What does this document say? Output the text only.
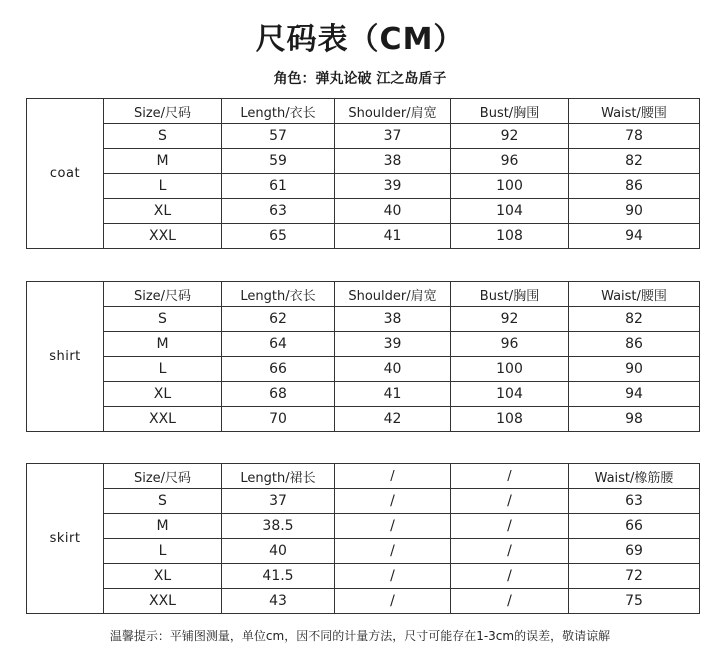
尺码表（CM）
角色：弹丸论破 江之岛盾子
coat	Size/尺码	Length/衣长	Shoulder/肩宽	Bust/胸围	Waist/腰围
	S	57	37	92	78
	M	59	38	96	82
	L	61	39	100	86
	XL	63	40	104	90
	XXL	65	41	108	94
shirt	Size/尺码	Length/衣长	Shoulder/肩宽	Bust/胸围	Waist/腰围
	S	62	38	92	82
	M	64	39	96	86
	L	66	40	100	90
	XL	68	41	104	94
	XXL	70	42	108	98
skirt	Size/尺码	Length/裙长	/	/	Waist/橡筋腰
	S	37	/	/	63
	M	38.5	/	/	66
	L	40	/	/	69
	XL	41.5	/	/	72
	XXL	43	/	/	75
温馨提示：平铺图测量，单位cm，因不同的计量方法，尺寸可能存在1-3cm的误差，敬请谅解
